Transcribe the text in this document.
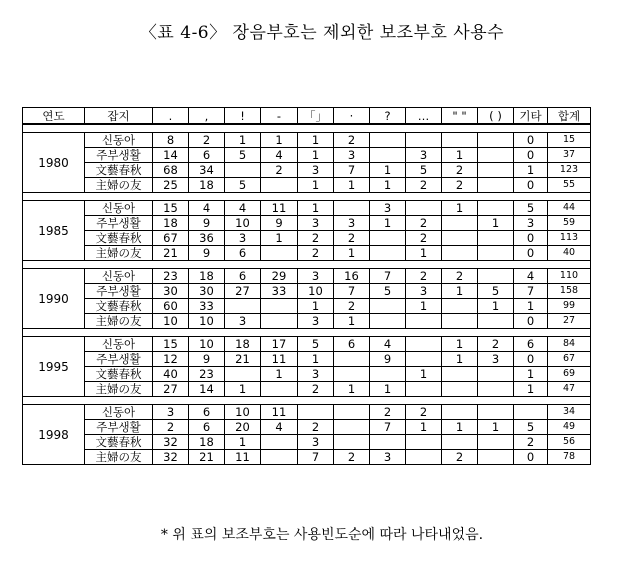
〈표 4-6〉 장음부호는 제외한 보조부호 사용수
연도	잡지	.	,	!	-	「」	·	?	…	" "	( )	기타	합계

1980	신동아	8	2	1	1	1	2					0	15
	주부생활	14	6	5	4	1	3		3	1		0	37
	文藝春秋	68	34		2	3	7	1	5	2		1	123
	主婦の友	25	18	5		1	1	1	2	2		0	55

1985	신동아	15	4	4	11	1		3		1		5	44
	주부생활	18	9	10	9	3	3	1	2		1	3	59
	文藝春秋	67	36	3	1	2	2		2			0	113
	主婦の友	21	9	6		2	1		1			0	40

1990	신동아	23	18	6	29	3	16	7	2	2		4	110
	주부생활	30	30	27	33	10	7	5	3	1	5	7	158
	文藝春秋	60	33			1	2		1		1	1	99
	主婦の友	10	10	3		3	1					0	27

1995	신동아	15	10	18	17	5	6	4		1	2	6	84
	주부생활	12	9	21	11	1		9		1	3	0	67
	文藝春秋	40	23		1	3			1			1	69
	主婦の友	27	14	1		2	1	1				1	47

1998	신동아	3	6	10	11			2	2				34
	주부생활	2	6	20	4	2		7	1	1	1	5	49
	文藝春秋	32	18	1		3						2	56
	主婦の友	32	21	11		7	2	3		2		0	78
* 위 표의 보조부호는 사용빈도순에 따라 나타내었음.
